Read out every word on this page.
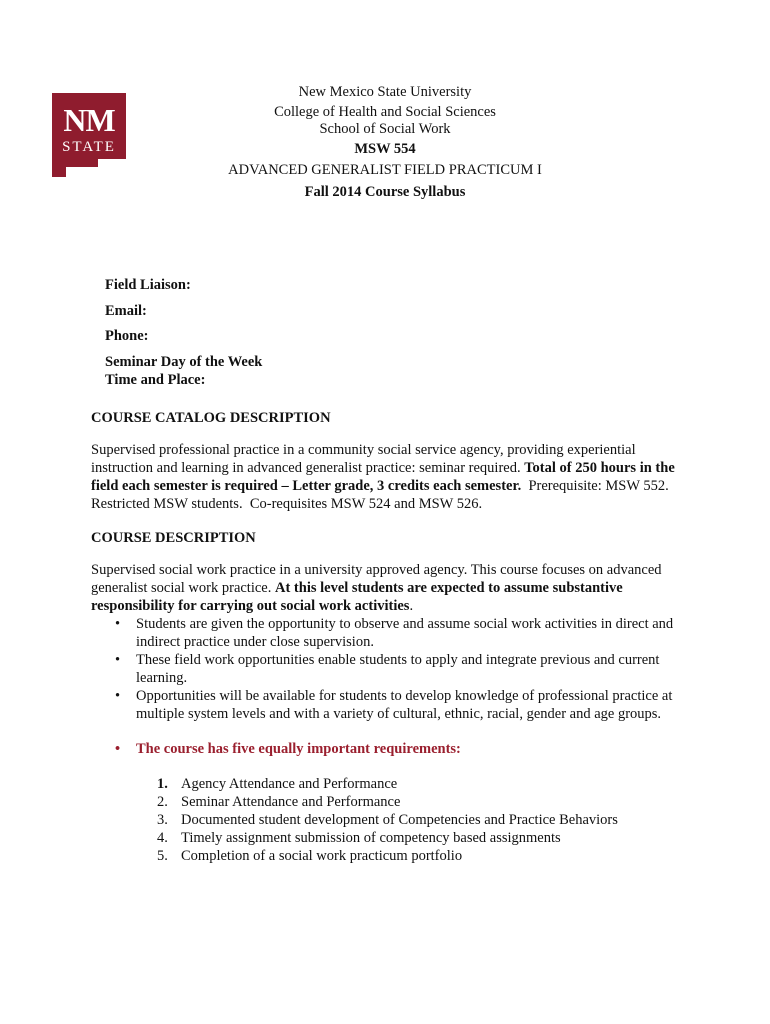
NM
STATE
New Mexico State University
College of Health and Social Sciences
School of Social Work
MSW 554
ADVANCED GENERALIST FIELD PRACTICUM I
Fall 2014 Course Syllabus
Field Liaison:
Email:
Phone:
Seminar Day of the Week
Time and Place:
COURSE CATALOG DESCRIPTION
Supervised professional practice in a community social service agency, providing experiential instruction and learning in advanced generalist practice: seminar required. Total of 250 hours in the field each semester is required – Letter grade, 3 credits each semester.  Prerequisite: MSW 552.  Restricted MSW students.  Co-requisites MSW 524 and MSW 526.
COURSE DESCRIPTION
Supervised social work practice in a university approved agency. This course focuses on advanced generalist social work practice. At this level students are expected to assume substantive responsibility for carrying out social work activities.
• Students are given the opportunity to observe and assume social work activities in direct and indirect practice under close supervision.
• These field work opportunities enable students to apply and integrate previous and current learning.
• Opportunities will be available for students to develop knowledge of professional practice at multiple system levels and with a variety of cultural, ethnic, racial, gender and age groups.
• The course has five equally important requirements:
1. Agency Attendance and Performance
2. Seminar Attendance and Performance
3. Documented student development of Competencies and Practice Behaviors
4. Timely assignment submission of competency based assignments
5. Completion of a social work practicum portfolio
